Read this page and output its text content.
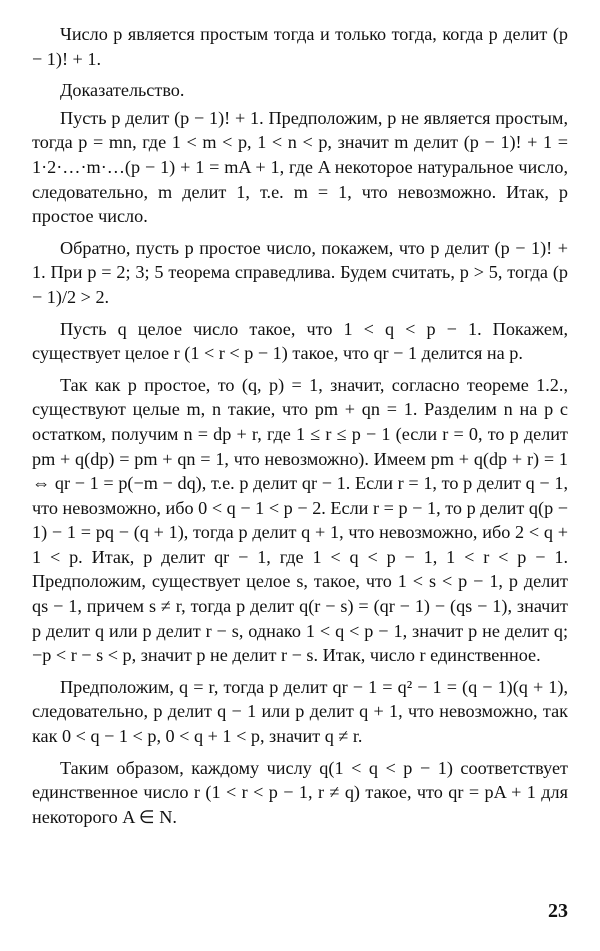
Число p является простым тогда и только тогда, когда p делит (p − 1)! + 1.

Доказательство.

Пусть p делит (p − 1)! + 1. Предположим, p не является простым, тогда p = mn, где 1 < m < p, 1 < n < p, значит m делит (p − 1)! + 1 = 1·2·…·m·…(p − 1) + 1 = mA + 1, где A некоторое натуральное число, следовательно, m делит 1, т.е. m = 1, что невозможно. Итак, p простое число.

Обратно, пусть p простое число, покажем, что p делит (p − 1)! + 1. При p = 2; 3; 5 теорема справедлива. Будем считать, p > 5, тогда (p − 1)/2 > 2.

Пусть q целое число такое, что 1 < q < p − 1. Покажем, существует целое r (1 < r < p − 1) такое, что qr − 1 делится на p.

Так как p простое, то (q, p) = 1, значит, согласно теореме 1.2., существуют целые m, n такие, что pm + qn = 1. Разделим n на p с остатком, получим n = dp + r, где 1 ≤ r ≤ p − 1 (если r = 0, то p делит pm + q(dp) = pm + qn = 1, что невозможно). Имеем pm + q(dp + r) = 1 ⇔ qr − 1 = p(−m − dq), т.е. p делит qr − 1. Если r = 1, то p делит q − 1, что невозможно, ибо 0 < q − 1 < p − 2. Если r = p − 1, то p делит q(p − 1) − 1 = pq − (q + 1), тогда p делит q + 1, что невозможно, ибо 2 < q + 1 < p. Итак, p делит qr − 1, где 1 < q < p − 1, 1 < r < p − 1. Предположим, существует целое s, такое, что 1 < s < p − 1, p делит qs − 1, причем s ≠ r, тогда p делит q(r − s) = (qr − 1) − (qs − 1), значит p делит q или p делит r − s, однако 1 < q < p − 1, значит p не делит q; −p < r − s < p, значит p не делит r − s. Итак, число r единственное.

Предположим, q = r, тогда p делит qr − 1 = q² − 1 = (q − 1)(q + 1), следовательно, p делит q − 1 или p делит q + 1, что невозможно, так как 0 < q − 1 < p, 0 < q + 1 < p, значит q ≠ r.

Таким образом, каждому числу q(1 < q < p − 1) соответствует единственное число r (1 < r < p − 1, r ≠ q) такое, что qr = pA + 1 для некоторого A ∈ N.

23
